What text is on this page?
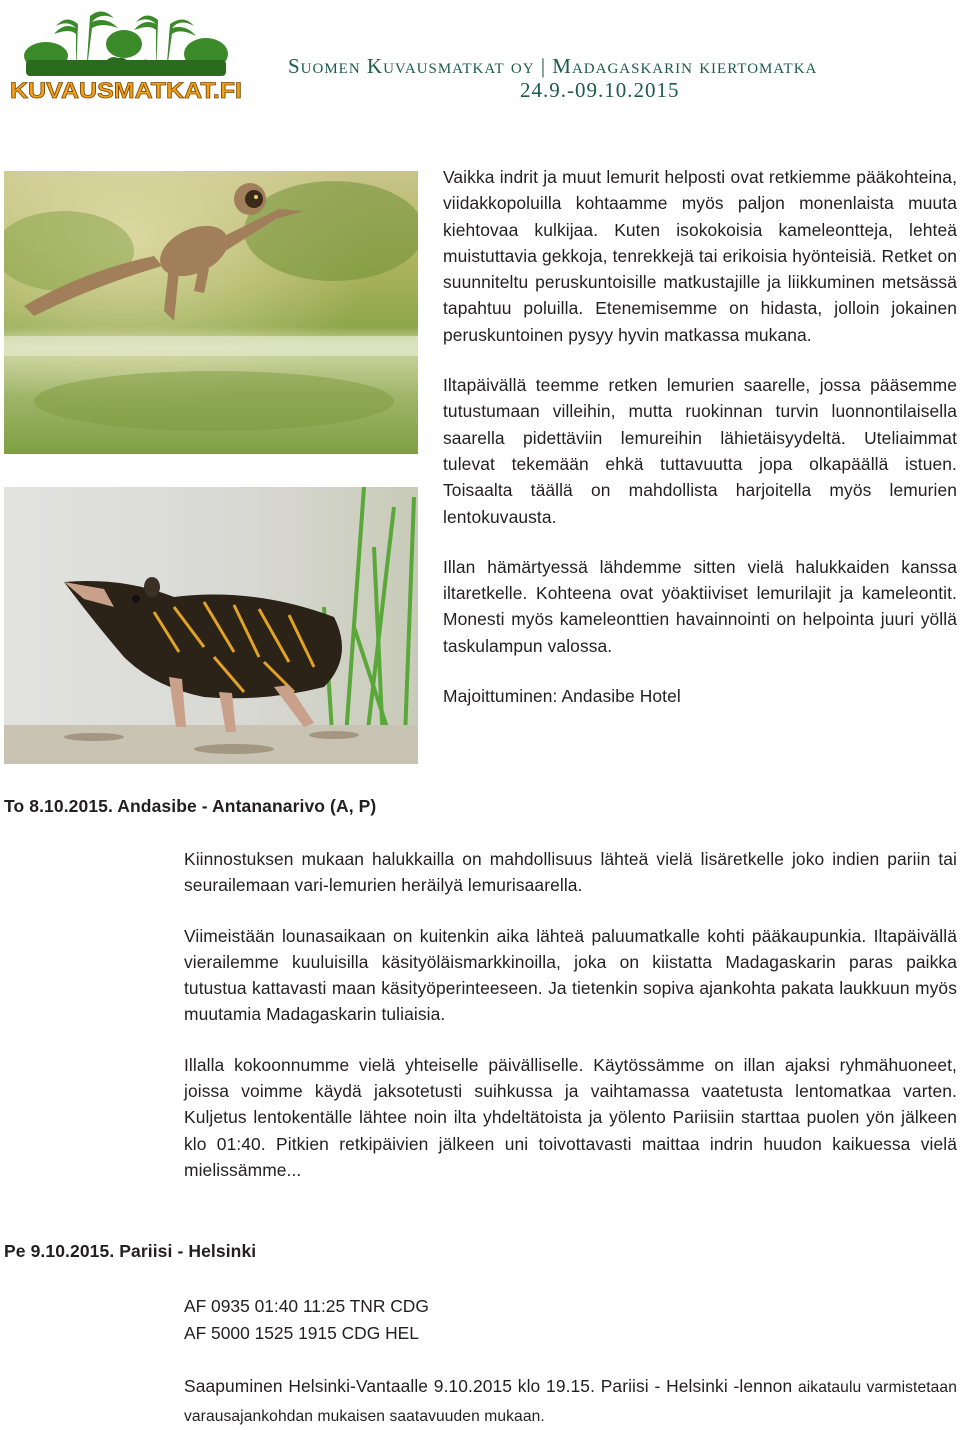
KUVAUSMATKAT.FI
Suomen Kuvausmatkat oy | Madagaskarin kiertomatka
24.9.-09.10.2015

Vaikka indrit ja muut lemurit helposti ovat retkiemme pääkohteina, viidakkopoluilla kohtaamme myös paljon monenlaista muuta kiehtovaa kulkijaa. Kuten isokokoisia kameleontteja, lehteä muistuttavia gekkoja, tenrekkejä tai erikoisia hyönteisiä. Retket on suunniteltu peruskuntoisille matkustajille ja liikkuminen metsässä tapahtuu poluilla. Etenemisemme on hidasta, jolloin jokainen peruskuntoinen pysyy hyvin matkassa mukana.

Iltapäivällä teemme retken lemurien saarelle, jossa pääsemme tutustumaan villeihin, mutta ruokinnan turvin luonnontilaisella saarella pidettäviin lemureihin lähietäisyydeltä. Uteliaimmat tulevat tekemään ehkä tuttavuutta jopa olkapäällä istuen. Toisaalta täällä on mahdollista harjoitella myös lemurien lentokuvausta.

Illan hämärtyessä lähdemme sitten vielä halukkaiden kanssa iltaretkelle. Kohteena ovat yöaktiiviset lemurilajit ja kameleontit. Monesti myös kameleonttien havainnointi on helpointa juuri yöllä taskulampun valossa.

Majoittuminen: Andasibe Hotel

To 8.10.2015. Andasibe - Antananarivo (A, P)

Kiinnostuksen mukaan halukkailla on mahdollisuus lähteä vielä lisäretkelle joko indien pariin tai seurailemaan vari-lemurien heräilyä lemurisaarella.

Viimeistään lounasaikaan on kuitenkin aika lähteä paluumatkalle kohti pääkaupunkia. Iltapäivällä vierailemme kuuluisilla käsityöläismarkkinoilla, joka on kiistatta Madagaskarin paras paikka tutustua kattavasti maan käsityöperinteeseen. Ja tietenkin sopiva ajankohta pakata laukkuun myös muutamia Madagaskarin tuliaisia.

Illalla kokoonnumme vielä yhteiselle päivälliselle. Käytössämme on illan ajaksi ryhmähuoneet, joissa voimme käydä jaksotetusti suihkussa ja vaihtamassa vaatetusta lentomatkaa varten. Kuljetus lentokentälle lähtee noin ilta yhdeltätoista ja yölento Pariisiin starttaa puolen yön jälkeen klo 01:40. Pitkien retkipäivien jälkeen uni toivottavasti maittaa indrin huudon kaikuessa vielä mielissämme...

Pe 9.10.2015. Pariisi - Helsinki
AF 0935 01:40 11:25 TNR CDG
AF 5000 1525 1915 CDG HEL
Saapuminen Helsinki-Vantaalle 9.10.2015 klo 19.15. Pariisi - Helsinki -lennon aikataulu varmistetaan varausajankohdan mukaisen saatavuuden mukaan.
